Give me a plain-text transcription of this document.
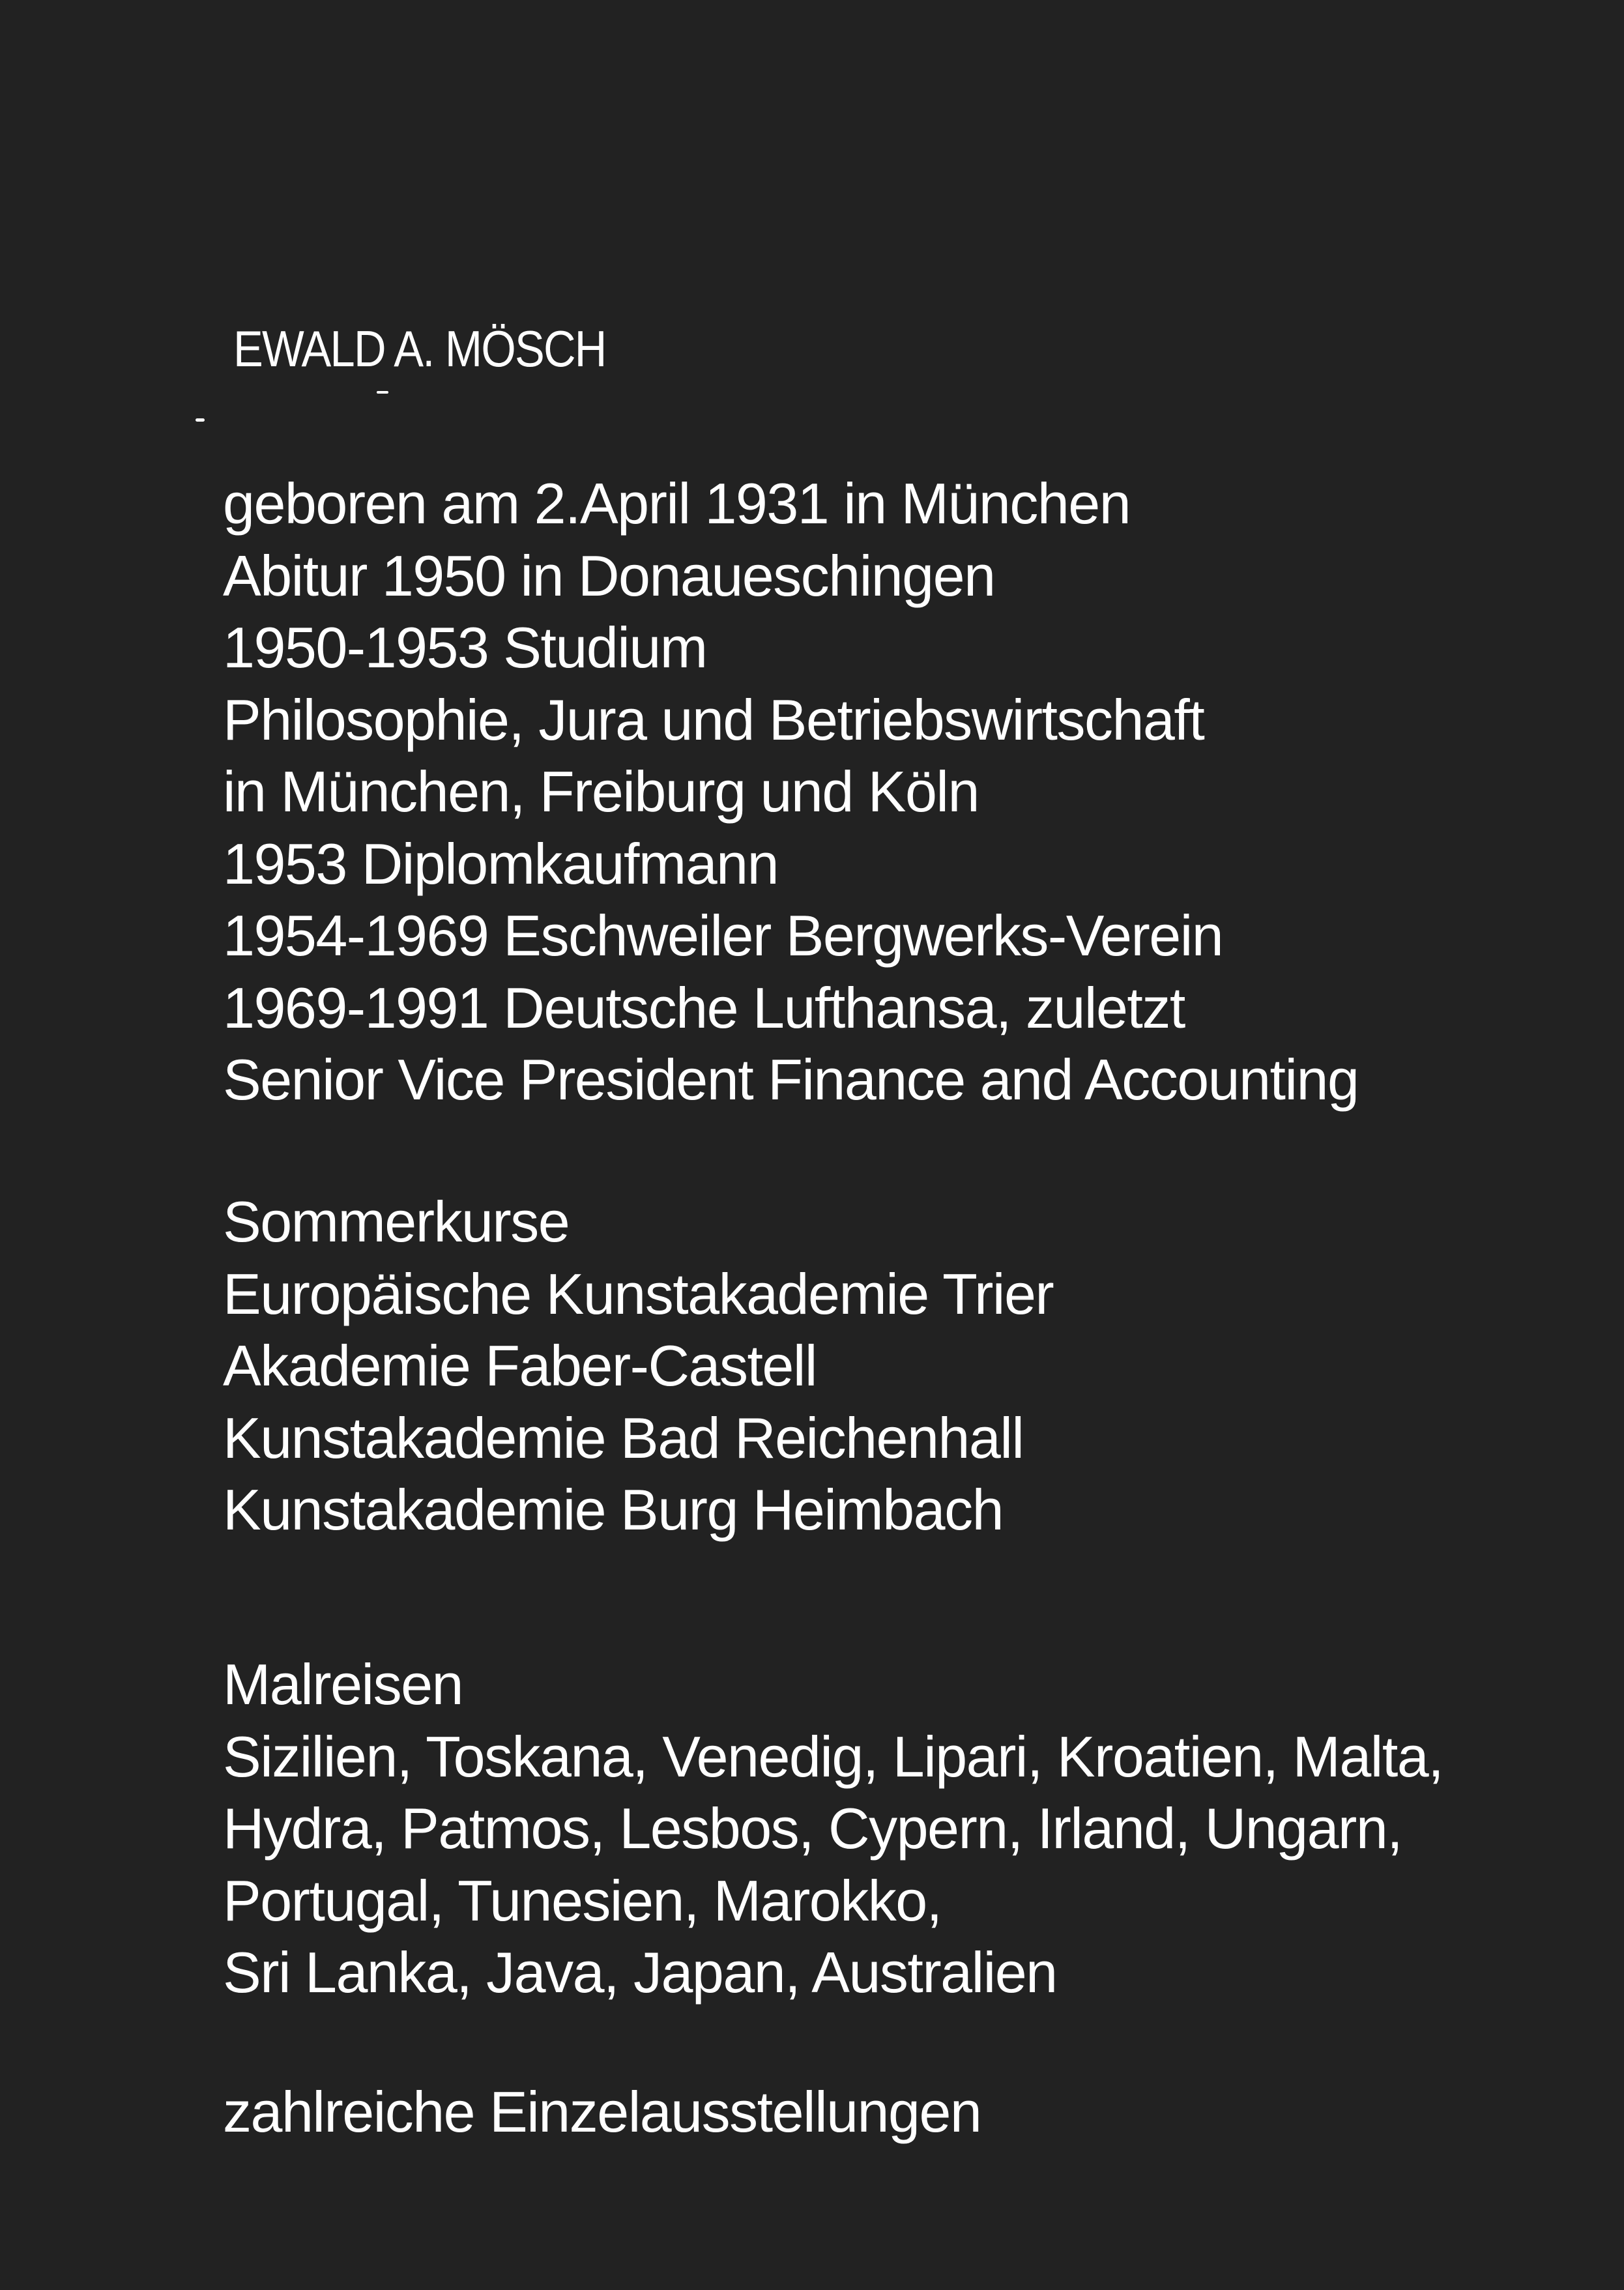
EWALD A. MÖSCH
geboren am 2.April 1931 in München
Abitur 1950 in Donaueschingen
1950-1953 Studium
Philosophie, Jura und Betriebswirtschaft
in München, Freiburg und Köln
1953 Diplomkaufmann
1954-1969 Eschweiler Bergwerks-Verein
1969-1991 Deutsche Lufthansa, zuletzt
Senior Vice President Finance and Accounting
Sommerkurse
Europäische Kunstakademie Trier
Akademie Faber-Castell
Kunstakademie Bad Reichenhall
Kunstakademie Burg Heimbach
Malreisen
Sizilien, Toskana, Venedig, Lipari, Kroatien, Malta,
Hydra, Patmos, Lesbos, Cypern, Irland, Ungarn,
Portugal, Tunesien, Marokko,
Sri Lanka, Java, Japan, Australien
zahlreiche Einzelausstellungen
